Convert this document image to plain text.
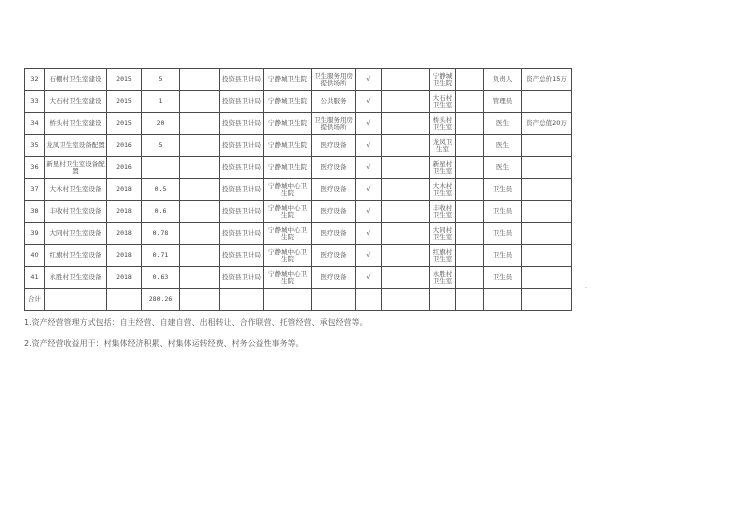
32	石棚村卫生室建设	2015	5		投资县卫计局	宁静城卫生院	卫生服务用房提供场所	√		宁静城卫生院		负责人	资产总价15万
33	大石村卫生室建设	2015	1		投资县卫计局	宁静城卫生院	公共服务	√		大石村卫生室		管理员	
34	桥头村卫生室建设	2015	20		投资县卫计局	宁静城卫生院	卫生服务用房提供场所	√		桥头村卫生室		医生	资产总值20万
35	龙凤卫生室设备配置	2016	5		投资县卫计局	宁静城卫生院	医疗设备	√		龙凤卫生室		医生	
36	新星村卫生室设备配置	2016			投资县卫计局	宁静城卫生院	医疗设备	√		新星村卫生室		医生	
37	大木村卫生室设备	2018	0.5		投资县卫计局	宁静城中心卫生院	医疗设备	√		大木村卫生室		卫生员	
38	丰收村卫生室设备	2018	0.6		投资县卫计局	宁静城中心卫生院	医疗设备	√		丰收村卫生室		卫生员	
39	大同村卫生室设备	2018	0.78		投资县卫计局	宁静城中心卫生院	医疗设备	√		大同村卫生室		卫生员	
40	红旗村卫生室设备	2018	0.71		投资县卫计局	宁静城中心卫生院	医疗设备	√		红旗村卫生室		卫生员	
41	永胜村卫生室设备	2018	0.63		投资县卫计局	宁静城中心卫生院	医疗设备	√		永胜村卫生室		卫生员	
合计			280.26										
·
1.资产经营管理方式包括：自主经营、自建自营、出租转让、合作联营、托管经营、承包经营等。
2.资产经营收益用于：村集体经济积累、村集体运转经费、村务公益性事务等。
